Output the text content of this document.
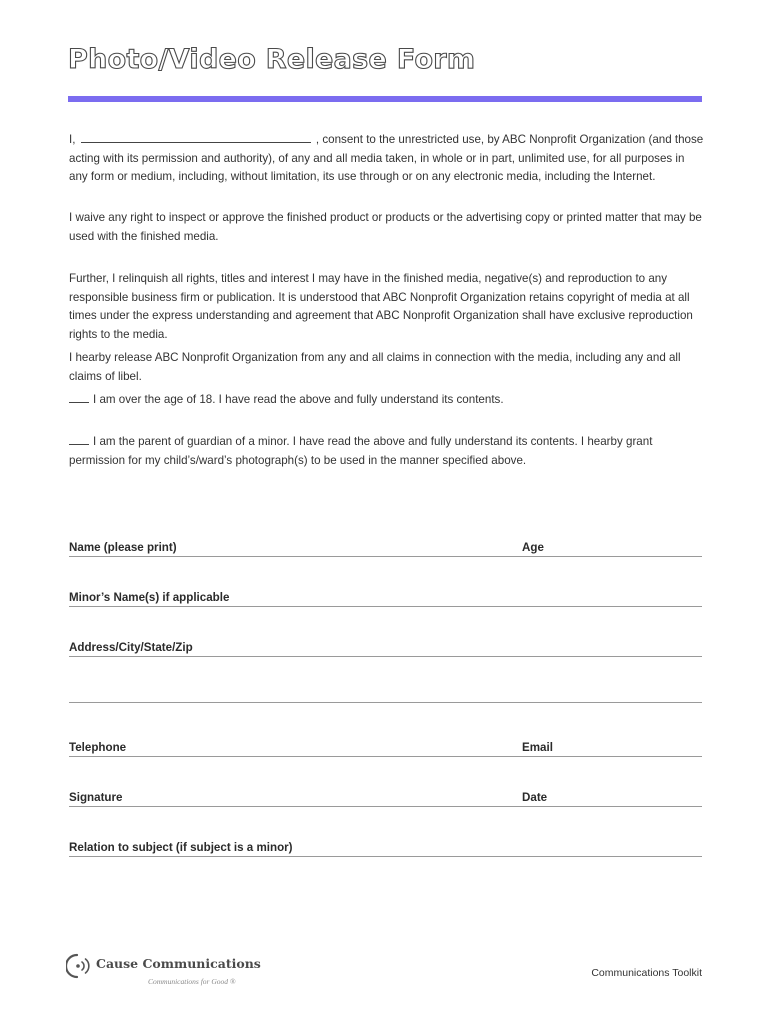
Photo/Video Release Form

I,	, consent to the unrestricted use, by ABC Nonprofit Organization (and those acting with its permission and authority), of any and all media taken, in whole or in part, unlimited use, for all purposes in any form or medium, including, without limitation, its use through or on any electronic media, including the Internet.

I waive any right to inspect or approve the finished product or products or the advertising copy or printed matter that may be used with the finished media.

Further, I relinquish all rights, titles and interest I may have in the finished media, negative(s) and reproduction to any responsible business firm or publication. It is understood that ABC Nonprofit Organization retains copyright of media at all times under the express understanding and agreement that ABC Nonprofit Organization shall have exclusive reproduction rights to the media.

I hearby release ABC Nonprofit Organization from any and all claims in connection with the media, including any and all claims of libel.

I am over the age of 18. I have read the above and fully understand its contents.

I am the parent of guardian of a minor. I have read the above and fully understand its contents. I hearby grant permission for my child’s/ward’s photograph(s) to be used in the manner specified above.

Name (please print)	Age
Minor’s Name(s) if applicable
Address/City/State/Zip
Telephone	Email
Signature	Date
Relation to subject (if subject is a minor)
Cause Communications
Communications for Good ®
Communications Toolkit
